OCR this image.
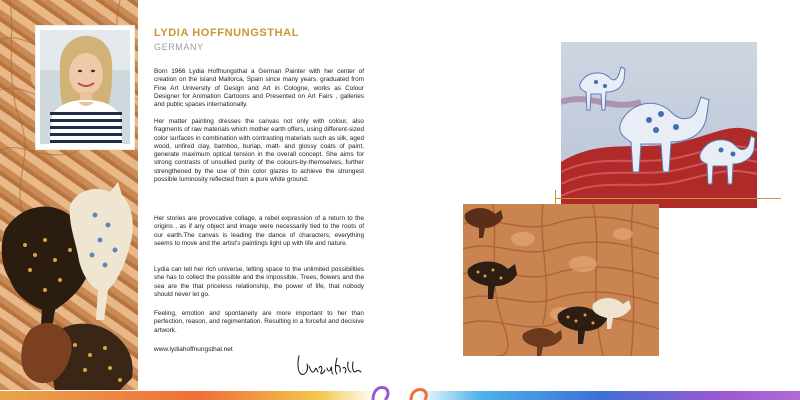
LYDIA HOFFNUNGSTHAL
GERMANY

Born 1966 Lydia Hoffnungsthal a German Painter with her center of creation on the island Mallorca, Spain since many years. graduated from Fine Art University of Design and Art in Cologne, works as Colour Designer for Animation Cartoons and Presented on Art Fairs , galleries and public spaces internationally.

Her matter painting dresses the canvas not only with colour, also fragments of raw materials which mother earth offers, using different-sized color surfaces in combination with contrasting materials such as silk, aged wood, unfired clay, bamboo, burlap, matt- and glossy coats of paint, generate maximum optical tension in the overall concept. She aims for strong contrasts of unsullied purity of the colours-by-themselves, further strengthened by the use of thin color glazes to achieve the strongest possible luminosity reflected from a pure white ground.

Her stories are provocative collage, a rebel expression of a return to the origins , as if any object and image were necessarily tied to the roots of our earth.The canvas is leading the dance of characters; everything seems to move and the artist's paintings light up with life and nature.

Lydia can tell her rich universe, letting space to the unlimited possibilities she has to collect the possible and the impossible. Trees, flowers and the sea are the that priceless relationship, the power of life, that nobody should never let go.

Feeling, emotion and spontaneity are more important to her than perfection, reason, and regimentation. Resulting in a forceful and decisive artwork.

www.lydiahoffnungsthal.net
